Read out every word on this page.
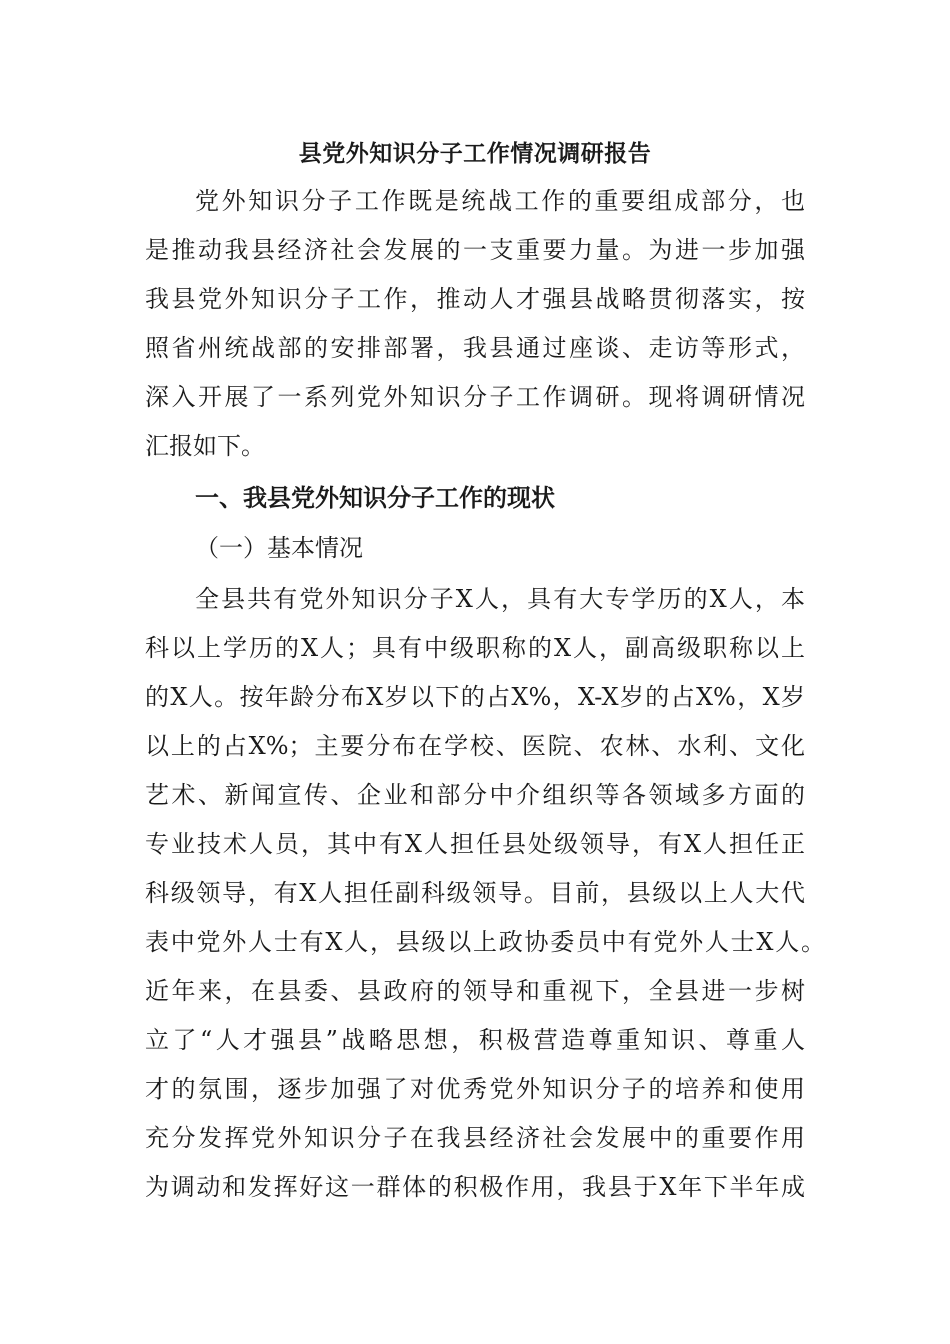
县党外知识分子工作情况调研报告
党外知识分子工作既是统战工作的重要组成部分，也
是推动我县经济社会发展的一支重要力量。为进一步加强
我县党外知识分子工作，推动人才强县战略贯彻落实，按
照省州统战部的安排部署，我县通过座谈、走访等形式，
深入开展了一系列党外知识分子工作调研。现将调研情况
汇报如下。
一、我县党外知识分子工作的现状
（一）基本情况
全县共有党外知识分子X人，具有大专学历的X人，本
科以上学历的X人；具有中级职称的X人，副高级职称以上
的X人。按年龄分布X岁以下的占X%，X-X岁的占X%，X岁
以上的占X%；主要分布在学校、医院、农林、水利、文化
艺术、新闻宣传、企业和部分中介组织等各领域多方面的
专业技术人员，其中有X人担任县处级领导，有X人担任正
科级领导，有X人担任副科级领导。目前，县级以上人大代
表中党外人士有X人，县级以上政协委员中有党外人士X人。
近年来，在县委、县政府的领导和重视下，全县进一步树
立了“人才强县”战略思想，积极营造尊重知识、尊重人
才的氛围，逐步加强了对优秀党外知识分子的培养和使用
充分发挥党外知识分子在我县经济社会发展中的重要作用
为调动和发挥好这一群体的积极作用，我县于X年下半年成
